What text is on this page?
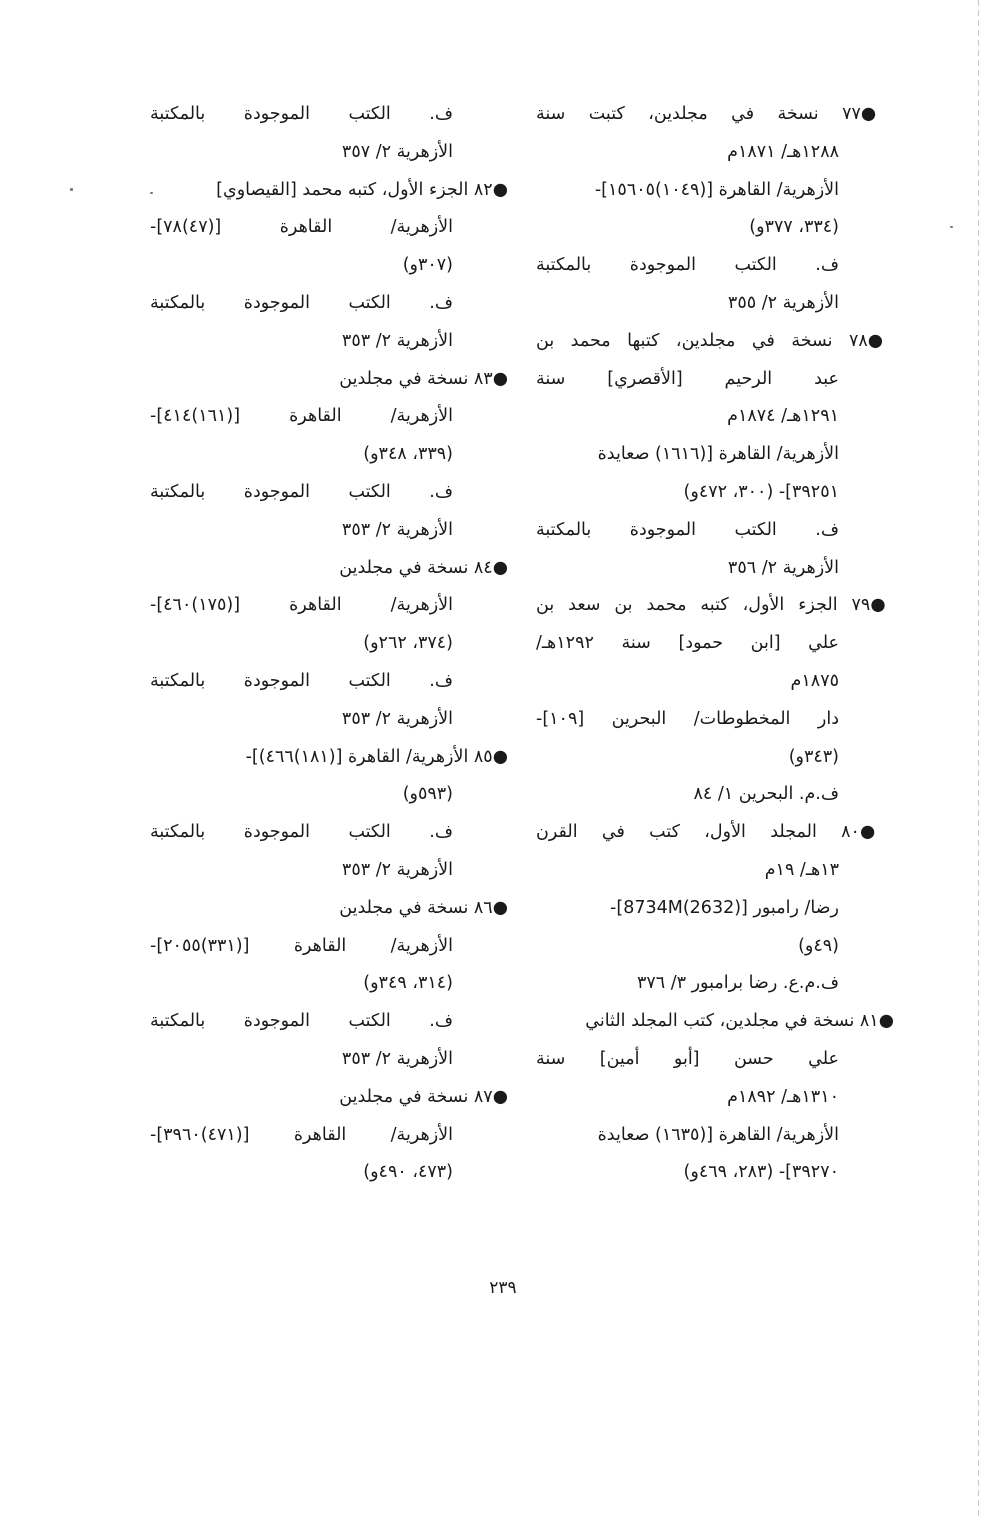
●٧٧ نسخة في مجلدين، كتبت سنة
١٢٨٨هـ/ ١٨٧١م
الأزهرية/ القاهرة [(١٠٤٩)١٥٦٠٥]-
(٣٣٤، ٣٧٧و)
ف. الكتب الموجودة بالمكتبة
الأزهرية ٢/ ٣٥٥
●٧٨ نسخة في مجلدين، كتبها محمد بن
عبد الرحيم [الأقصري] سنة
١٢٩١هـ/ ١٨٧٤م
الأزهرية/ القاهرة [(١٦١٦) صعايدة
٣٩٢٥١]- (٣٠٠، ٤٧٢و)
ف. الكتب الموجودة بالمكتبة
الأزهرية ٢/ ٣٥٦
●٧٩ الجزء الأول، كتبه محمد بن سعد بن
علي [ابن حمود] سنة ١٢٩٢هـ/
١٨٧٥م
دار المخطوطات/ البحرين [١٠٩]-
(٣٤٣و)
ف.م. البحرين ١/ ٨٤
●٨٠ المجلد الأول، كتب في القرن
١٣هـ/ ١٩م
رضا/ رامبور [(2632)8734M]-
(٤٩و)
ف.م.ع. رضا برامبور ٣/ ٣٧٦
●٨١ نسخة في مجلدين، كتب المجلد الثاني
علي حسن [أبو أمين] سنة
١٣١٠هـ/ ١٨٩٢م
الأزهرية/ القاهرة [(١٦٣٥) صعايدة
٣٩٢٧٠]- (٢٨٣، ٤٦٩و)
ف. الكتب الموجودة بالمكتبة
الأزهرية ٢/ ٣٥٧
●٨٢ الجزء الأول، كتبه محمد [القيصاوي]
الأزهرية/ القاهرة [(٤٧)٧٨]-
(٣٠٧و)
ف. الكتب الموجودة بالمكتبة
الأزهرية ٢/ ٣٥٣
●٨٣ نسخة في مجلدين
الأزهرية/ القاهرة [(١٦١)٤١٤]-
(٣٣٩، ٣٤٨و)
ف. الكتب الموجودة بالمكتبة
الأزهرية ٢/ ٣٥٣
●٨٤ نسخة في مجلدين
الأزهرية/ القاهرة [(١٧٥)٤٦٠]-
(٣٧٤، ٢٦٢و)
ف. الكتب الموجودة بالمكتبة
الأزهرية ٢/ ٣٥٣
●٨٥ الأزهرية/ القاهرة [(١٨١)٤٦٦)]-
(٥٩٣و)
ف. الكتب الموجودة بالمكتبة
الأزهرية ٢/ ٣٥٣
●٨٦ نسخة في مجلدين
الأزهرية/ القاهرة [(٣٣١)٢٠٥٥]-
(٣١٤، ٣٤٩و)
ف. الكتب الموجودة بالمكتبة
الأزهرية ٢/ ٣٥٣
●٨٧ نسخة في مجلدين
الأزهرية/ القاهرة [(٤٧١)٣٩٦٠]-
(٤٧٣، ٤٩٠و)
٢٣٩
